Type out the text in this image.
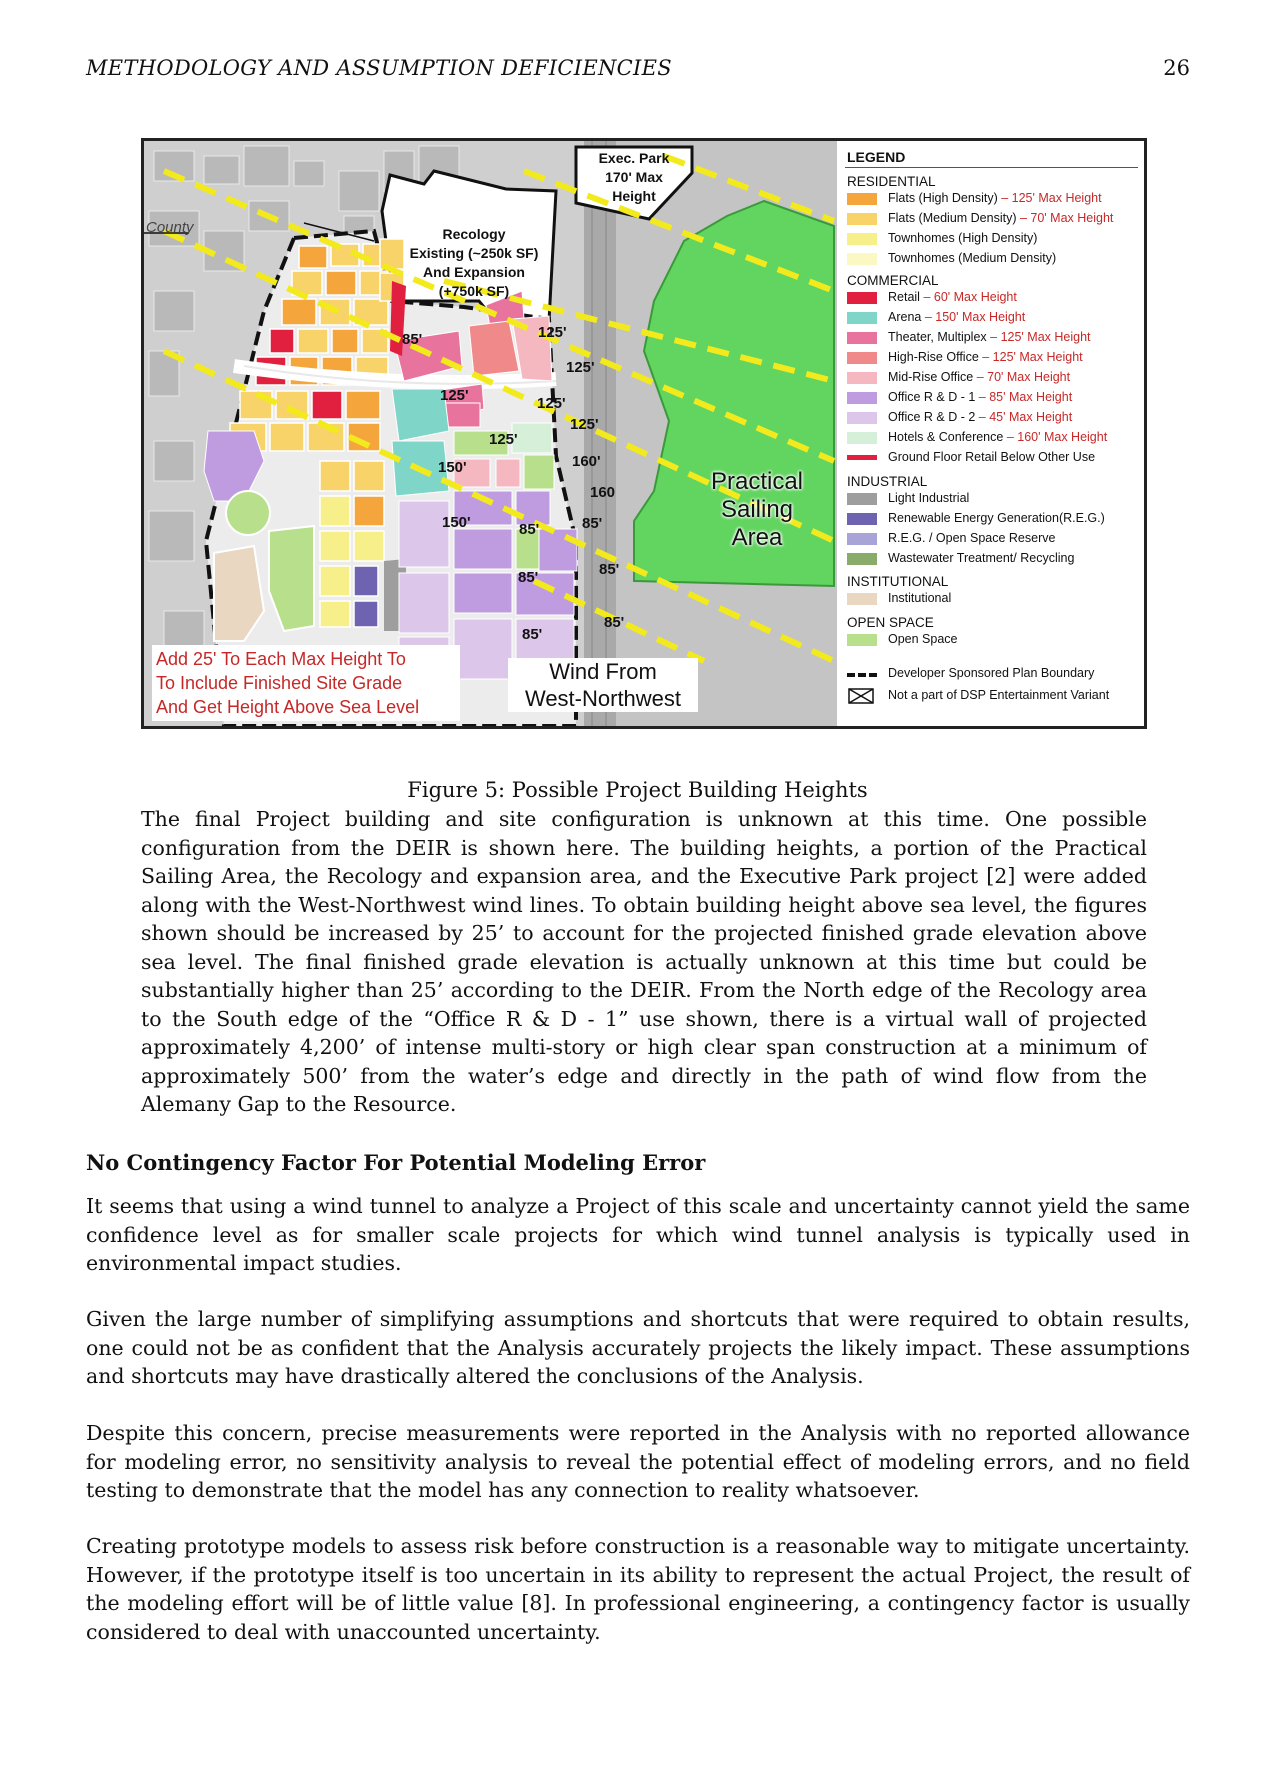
METHODOLOGY AND ASSUMPTION DEFICIENCIES	26
County
Exec. Park
170' Max
Height
Recology
Existing (~250k SF)
And Expansion
(+750k SF)
Practical
Sailing
Area
Add 25' To Each Max Height To
To Include Finished Site Grade
And Get Height Above Sea Level
Wind From
West-Northwest
125'
125'
125'	125'
125'
125'
150'
150'
160'
160
85'	85'
85'	85'
85'
85'
85'
LEGEND
RESIDENTIAL
Flats (High Density) – 125' Max Height
Flats (Medium Density) – 70' Max Height
Townhomes (High Density)
Townhomes (Medium Density)
COMMERCIAL
Retail – 60' Max Height
Arena – 150' Max Height
Theater, Multiplex – 125' Max Height
High-Rise Office – 125' Max Height
Mid-Rise Office – 70' Max Height
Office R & D - 1 – 85' Max Height
Office R & D - 2 – 45' Max Height
Hotels & Conference – 160' Max Height
Ground Floor Retail Below Other Use
INDUSTRIAL
Light Industrial
Renewable Energy Generation(R.E.G.)
R.E.G. / Open Space Reserve
Wastewater Treatment/ Recycling
INSTITUTIONAL
Institutional
OPEN SPACE
Open Space
Developer Sponsored Plan Boundary
Not a part of DSP Entertainment Variant
Figure 5: Possible Project Building Heights
The final Project building and site configuration is unknown at this time. One possible configuration from the DEIR is shown here. The building heights, a portion of the Practical Sailing Area, the Recology and expansion area, and the Executive Park project [2] were added along with the West-Northwest wind lines. To obtain building height above sea level, the figures shown should be increased by 25’ to account for the projected finished grade elevation above sea level. The final finished grade elevation is actually unknown at this time but could be substantially higher than 25’ according to the DEIR. From the North edge of the Recology area to the South edge of the “Office R & D - 1” use shown, there is a virtual wall of projected approximately 4,200’ of intense multi-story or high clear span construction at a minimum of approximately 500’ from the water’s edge and directly in the path of wind flow from the Alemany Gap to the Resource.
No Contingency Factor For Potential Modeling Error

It seems that using a wind tunnel to analyze a Project of this scale and uncertainty cannot yield the same confidence level as for smaller scale projects for which wind tunnel analysis is typically used in environmental impact studies.

Given the large number of simplifying assumptions and shortcuts that were required to obtain results, one could not be as confident that the Analysis accurately projects the likely impact. These assumptions and shortcuts may have drastically altered the conclusions of the Analysis.

Despite this concern, precise measurements were reported in the Analysis with no reported allowance for modeling error, no sensitivity analysis to reveal the potential effect of modeling errors, and no field testing to demonstrate that the model has any connection to reality whatsoever.

Creating prototype models to assess risk before construction is a reasonable way to mitigate uncertainty. However, if the prototype itself is too uncertain in its ability to represent the actual Project, the result of the modeling effort will be of little value [8]. In professional engineering, a contingency factor is usually considered to deal with unaccounted uncertainty.
